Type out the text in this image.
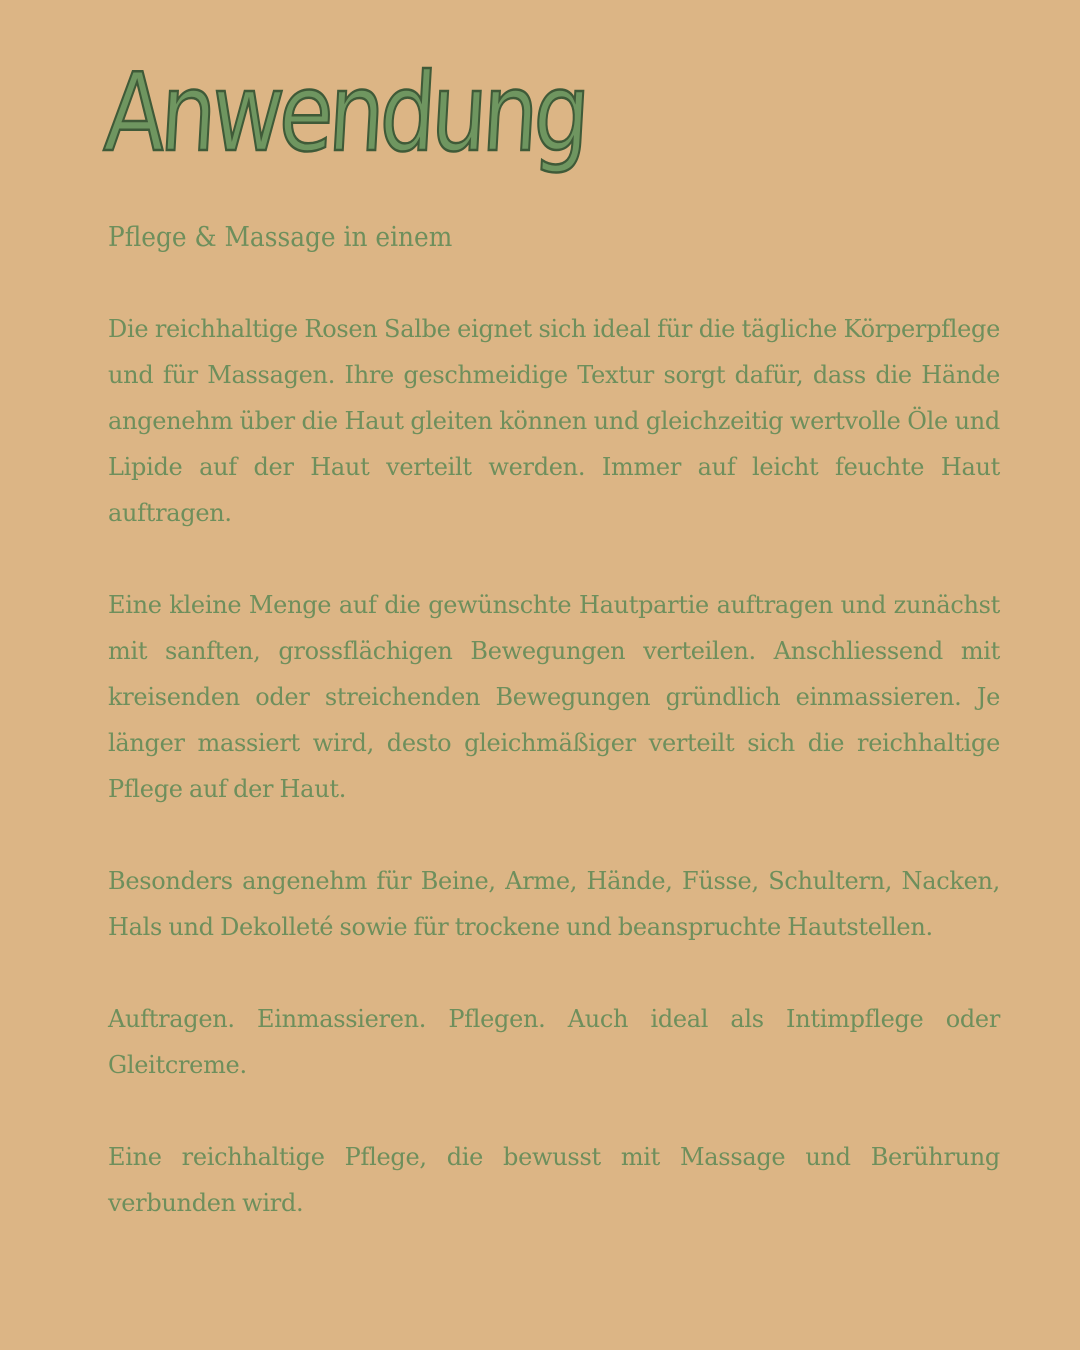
Anwendung

Pflege & Massage in einem

Die reichhaltige Rosen Salbe eignet sich ideal für die tägliche Körperpflege und für Massagen. Ihre geschmeidige Textur sorgt dafür, dass die Hände angenehm über die Haut gleiten können und gleichzeitig wertvolle Öle und Lipide auf der Haut verteilt werden. Immer auf leicht feuchte Haut auftragen.

Eine kleine Menge auf die gewünschte Hautpartie auftragen und zunächst mit sanften, grossflächigen Bewegungen verteilen. Anschliessend mit kreisenden oder streichenden Bewegungen gründlich einmassieren. Je länger massiert wird, desto gleichmäßiger verteilt sich die reichhaltige Pflege auf der Haut.

Besonders angenehm für Beine, Arme, Hände, Füsse, Schultern, Nacken, Hals und Dekolleté sowie für trockene und beanspruchte Hautstellen.

Auftragen. Einmassieren. Pflegen. Auch ideal als Intimpflege oder Gleitcreme.

Eine reichhaltige Pflege, die bewusst mit Massage und Berührung verbunden wird.
